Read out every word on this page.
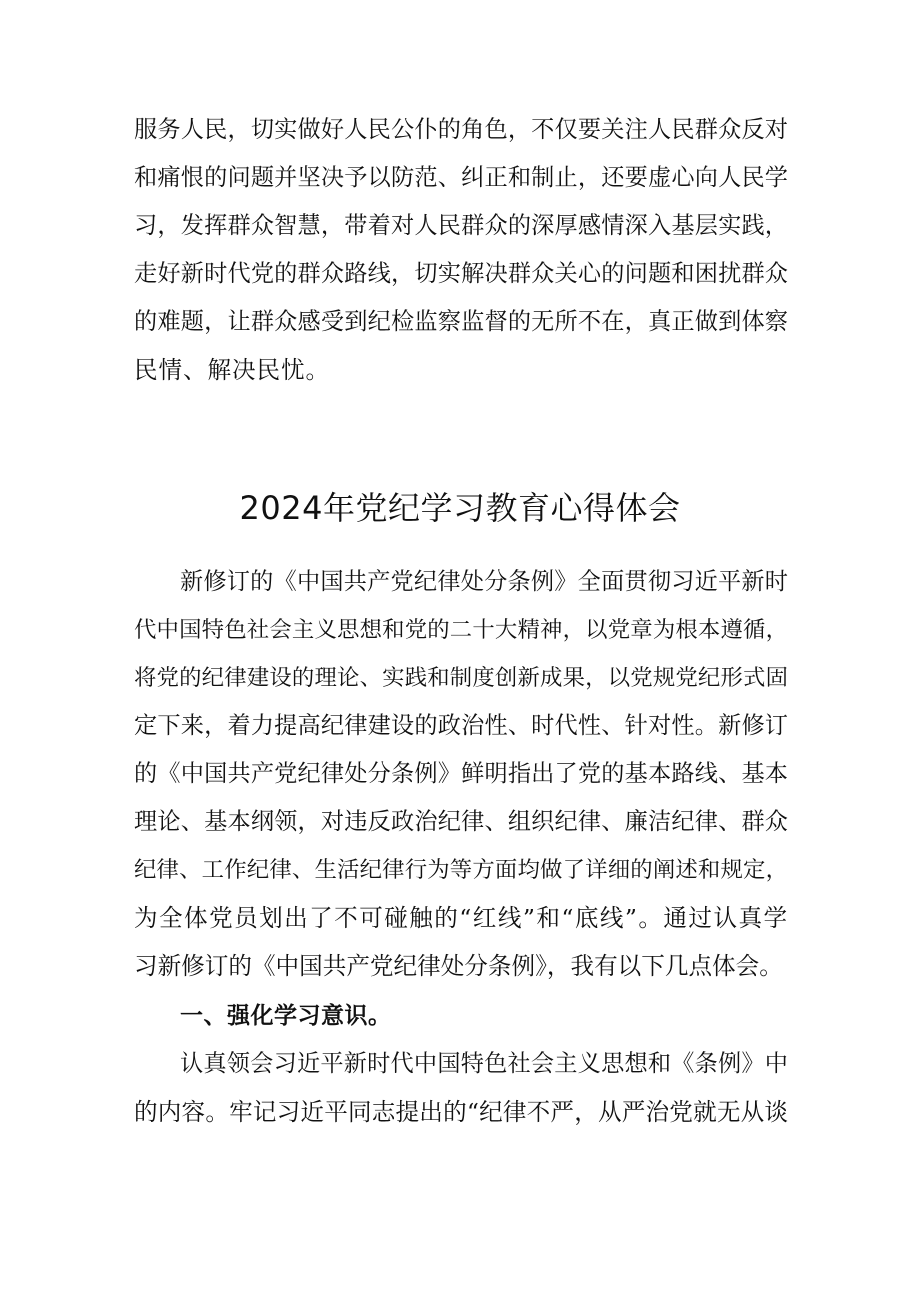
服务人民，切实做好人民公仆的角色，不仅要关注人民群众反对
和痛恨的问题并坚决予以防范、纠正和制止，还要虚心向人民学
习，发挥群众智慧，带着对人民群众的深厚感情深入基层实践，
走好新时代党的群众路线，切实解决群众关心的问题和困扰群众
的难题，让群众感受到纪检监察监督的无所不在，真正做到体察
民情、解决民忧。
2024年党纪学习教育心得体会
新修订的《中国共产党纪律处分条例》全面贯彻习近平新时
代中国特色社会主义思想和党的二十大精神，以党章为根本遵循，
将党的纪律建设的理论、实践和制度创新成果，以党规党纪形式固
定下来，着力提高纪律建设的政治性、时代性、针对性。新修订
的《中国共产党纪律处分条例》鲜明指出了党的基本路线、基本
理论、基本纲领，对违反政治纪律、组织纪律、廉洁纪律、群众
纪律、工作纪律、生活纪律行为等方面均做了详细的阐述和规定，
为全体党员划出了不可碰触的“红线”和“底线”。通过认真学
习新修订的《中国共产党纪律处分条例》，我有以下几点体会。
一、强化学习意识。
认真领会习近平新时代中国特色社会主义思想和《条例》中
的内容。牢记习近平同志提出的“纪律不严，从严治党就无从谈
